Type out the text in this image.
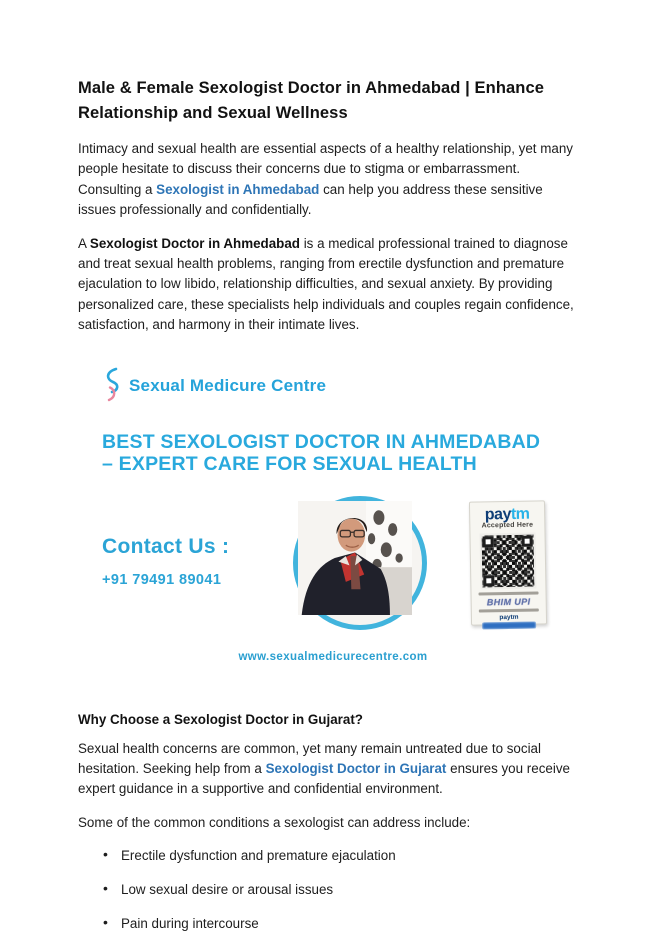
Male & Female Sexologist Doctor in Ahmedabad | Enhance Relationship and Sexual Wellness

Intimacy and sexual health are essential aspects of a healthy relationship, yet many people hesitate to discuss their concerns due to stigma or embarrassment. Consulting a Sexologist in Ahmedabad can help you address these sensitive issues professionally and confidentially.

A Sexologist Doctor in Ahmedabad is a medical professional trained to diagnose and treat sexual health problems, ranging from erectile dysfunction and premature ejaculation to low libido, relationship difficulties, and sexual anxiety. By providing personalized care, these specialists help individuals and couples regain confidence, satisfaction, and harmony in their intimate lives.

Sexual Medicure Centre
BEST SEXOLOGIST DOCTOR IN AHMEDABAD – EXPERT CARE FOR SEXUAL HEALTH
Contact Us :
+91 79491 89041
paytm
Accepted Here
BHIM UPI
paytm
www.sexualmedicurecentre.com
Why Choose a Sexologist Doctor in Gujarat?

Sexual health concerns are common, yet many remain untreated due to social hesitation. Seeking help from a Sexologist Doctor in Gujarat ensures you receive expert guidance in a supportive and confidential environment.

Some of the common conditions a sexologist can address include:

• Erectile dysfunction and premature ejaculation
• Low sexual desire or arousal issues
• Pain during intercourse
